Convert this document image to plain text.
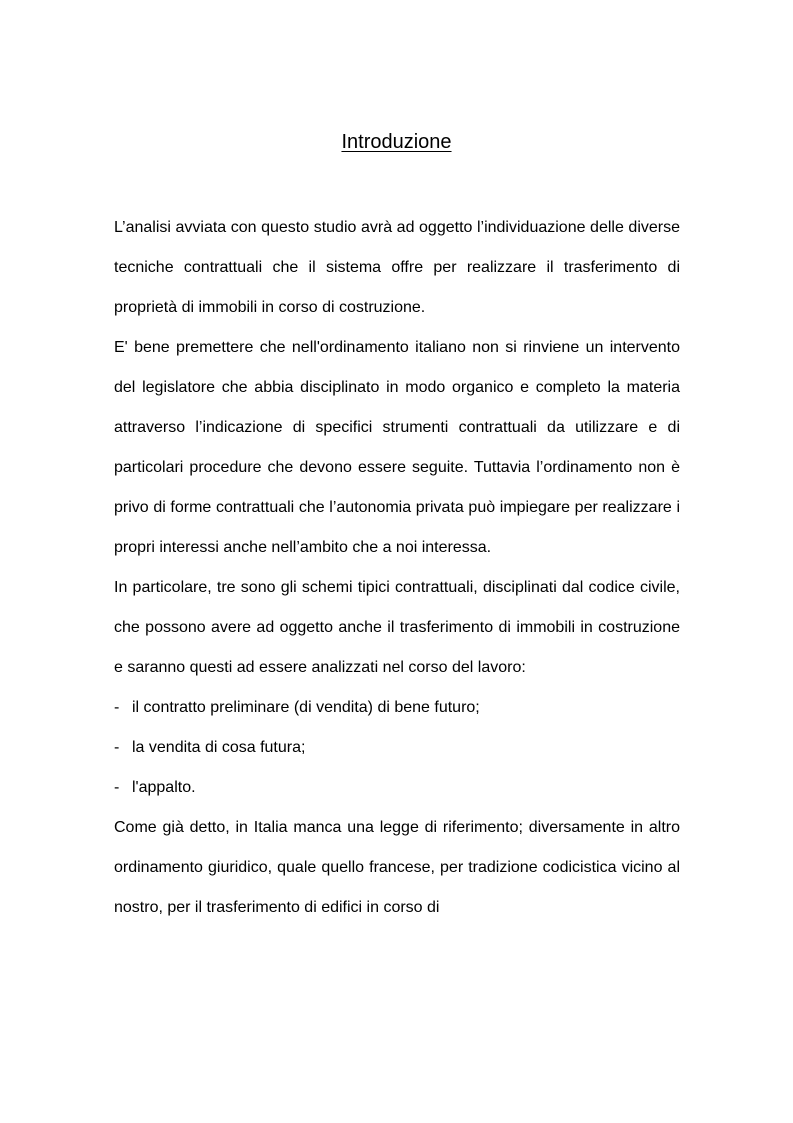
Introduzione

L’analisi avviata con questo studio avrà ad oggetto l’individuazione delle diverse tecniche contrattuali che il sistema offre per realizzare il trasferimento di proprietà di immobili in corso di costruzione.

E' bene premettere che nell'ordinamento italiano non si rinviene un intervento del legislatore che abbia disciplinato in modo organico e completo la materia attraverso l’indicazione di specifici strumenti contrattuali da utilizzare e di particolari procedure che devono essere seguite. Tuttavia l’ordinamento non è privo di forme contrattuali che l’autonomia privata può impiegare per realizzare i propri interessi anche nell’ambito che a noi interessa.

In particolare, tre sono gli schemi tipici contrattuali, disciplinati dal codice civile, che possono avere ad oggetto anche il trasferimento di immobili in costruzione e saranno questi ad essere analizzati nel corso del lavoro:

- il contratto preliminare (di vendita) di bene futuro;

- la vendita di cosa futura;

- l'appalto.

Come già detto, in Italia manca una legge di riferimento; diversamente in altro ordinamento giuridico, quale quello francese, per tradizione codicistica vicino al nostro, per il trasferimento di edifici in corso di
